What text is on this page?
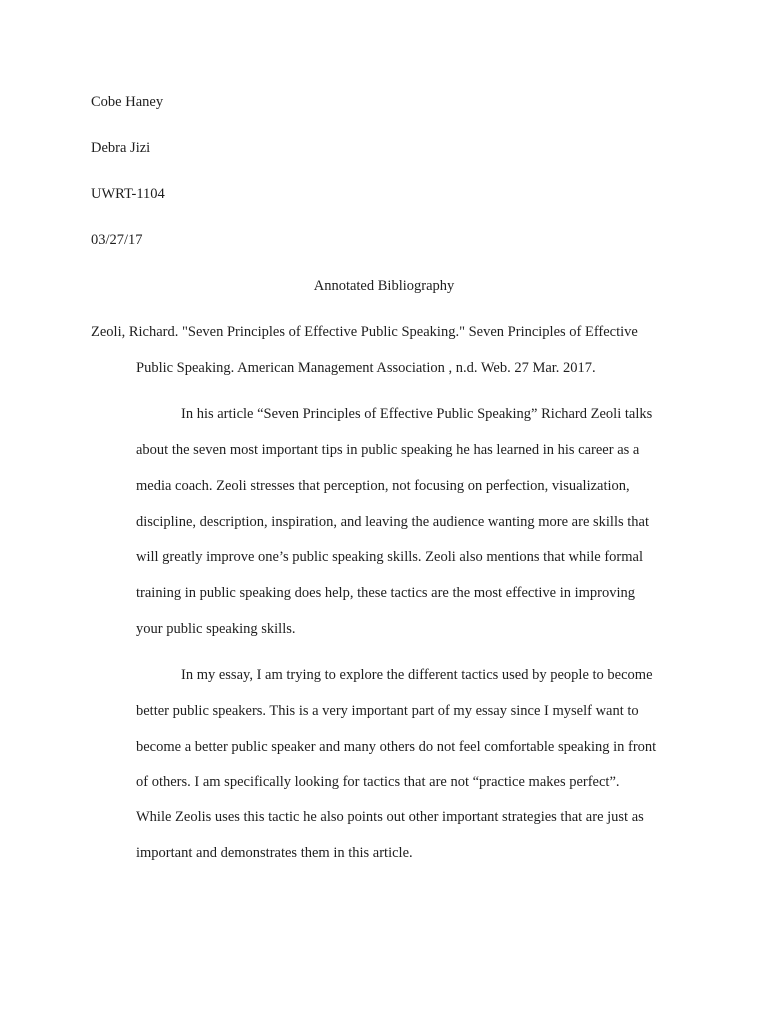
Cobe Haney
Debra Jizi
UWRT-1104
03/27/17
Annotated Bibliography
Zeoli, Richard. "Seven Principles of Effective Public Speaking." Seven Principles of Effective
Public Speaking. American Management Association , n.d. Web. 27 Mar. 2017.
In his article “Seven Principles of Effective Public Speaking” Richard Zeoli talks
about the seven most important tips in public speaking he has learned in his career as a
media coach. Zeoli stresses that perception, not focusing on perfection, visualization,
discipline, description, inspiration, and leaving the audience wanting more are skills that
will greatly improve one’s public speaking skills. Zeoli also mentions that while formal
training in public speaking does help, these tactics are the most effective in improving
your public speaking skills.
In my essay, I am trying to explore the different tactics used by people to become
better public speakers. This is a very important part of my essay since I myself want to
become a better public speaker and many others do not feel comfortable speaking in front
of others. I am specifically looking for tactics that are not “practice makes perfect”.
While Zeolis uses this tactic he also points out other important strategies that are just as
important and demonstrates them in this article.
